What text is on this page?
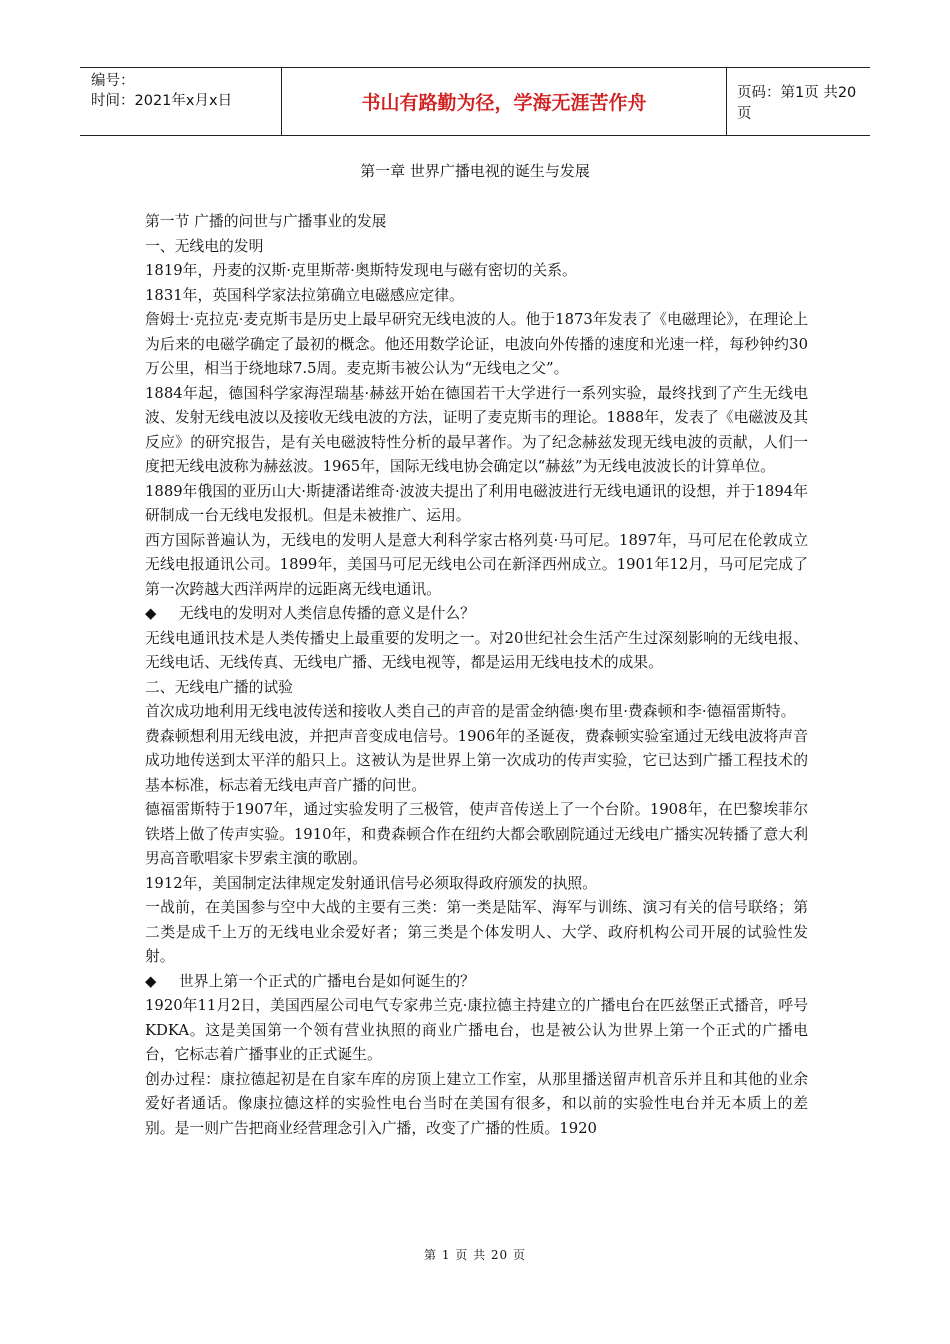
编号：
时间：2021年x月x日	书山有路勤为径，学海无涯苦作舟	页码：第1页 共20页
第一章 世界广播电视的诞生与发展

第一节 广播的问世与广播事业的发展

一、无线电的发明

1819年，丹麦的汉斯·克里斯蒂·奥斯特发现电与磁有密切的关系。

1831年，英国科学家法拉第确立电磁感应定律。

詹姆士·克拉克·麦克斯韦是历史上最早研究无线电波的人。他于1873年发表了《电磁理论》，在理论上为后来的电磁学确定了最初的概念。他还用数学论证，电波向外传播的速度和光速一样，每秒钟约30万公里，相当于绕地球7.5周。麦克斯韦被公认为“无线电之父”。

1884年起，德国科学家海涅瑞基·赫兹开始在德国若干大学进行一系列实验，最终找到了产生无线电波、发射无线电波以及接收无线电波的方法，证明了麦克斯韦的理论。1888年，发表了《电磁波及其反应》的研究报告，是有关电磁波特性分析的最早著作。为了纪念赫兹发现无线电波的贡献，人们一度把无线电波称为赫兹波。1965年，国际无线电协会确定以“赫兹”为无线电波波长的计算单位。

1889年俄国的亚历山大·斯捷潘诺维奇·波波夫提出了利用电磁波进行无线电通讯的设想，并于1894年研制成一台无线电发报机。但是未被推广、运用。

西方国际普遍认为，无线电的发明人是意大利科学家古格列莫·马可尼。1897年，马可尼在伦敦成立无线电报通讯公司。1899年，美国马可尼无线电公司在新泽西州成立。1901年12月，马可尼完成了第一次跨越大西洋两岸的远距离无线电通讯。

◆ 无线电的发明对人类信息传播的意义是什么？

无线电通讯技术是人类传播史上最重要的发明之一。对20世纪社会生活产生过深刻影响的无线电报、无线电话、无线传真、无线电广播、无线电视等，都是运用无线电技术的成果。

二、无线电广播的试验

首次成功地利用无线电波传送和接收人类自己的声音的是雷金纳德·奥布里·费森顿和李·德福雷斯特。

费森顿想利用无线电波，并把声音变成电信号。1906年的圣诞夜，费森顿实验室通过无线电波将声音成功地传送到太平洋的船只上。这被认为是世界上第一次成功的传声实验，它已达到广播工程技术的基本标准，标志着无线电声音广播的问世。

德福雷斯特于1907年，通过实验发明了三极管，使声音传送上了一个台阶。1908年，在巴黎埃菲尔铁塔上做了传声实验。1910年，和费森顿合作在纽约大都会歌剧院通过无线电广播实况转播了意大利男高音歌唱家卡罗索主演的歌剧。

1912年，美国制定法律规定发射通讯信号必须取得政府颁发的执照。

一战前，在美国参与空中大战的主要有三类：第一类是陆军、海军与训练、演习有关的信号联络；第二类是成千上万的无线电业余爱好者；第三类是个体发明人、大学、政府机构公司开展的试验性发射。

◆ 世界上第一个正式的广播电台是如何诞生的？

1920年11月2日，美国西屋公司电气专家弗兰克·康拉德主持建立的广播电台在匹兹堡正式播音，呼号KDKA。这是美国第一个领有营业执照的商业广播电台，也是被公认为世界上第一个正式的广播电台，它标志着广播事业的正式诞生。

创办过程：康拉德起初是在自家车库的房顶上建立工作室，从那里播送留声机音乐并且和其他的业余爱好者通话。像康拉德这样的实验性电台当时在美国有很多，和以前的实验性电台并无本质上的差别。是一则广告把商业经营理念引入广播，改变了广播的性质。1920

第 1 页 共 20 页
